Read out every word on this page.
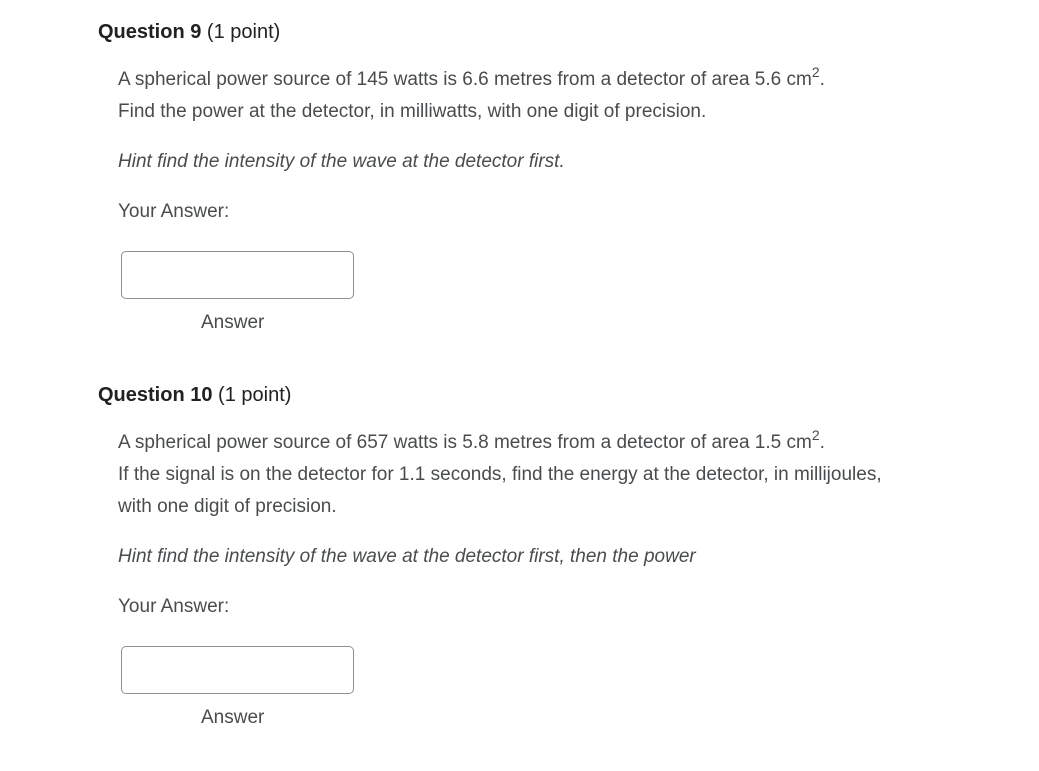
Question 9 (1 point)

A spherical power source of 145 watts is 6.6 metres from a detector of area 5.6 $cm^2$.
Find the power at the detector, in milliwatts, with one digit of precision.

Hint find the intensity of the wave at the detector first.

Your Answer:

Answer

Question 10 (1 point)

A spherical power source of 657 watts is 5.8 metres from a detector of area 1.5 $cm^2$.
If the signal is on the detector for 1.1 seconds, find the energy at the detector, in millijoules, with one digit of precision.

Hint find the intensity of the wave at the detector first, then the power

Your Answer:

Answer
